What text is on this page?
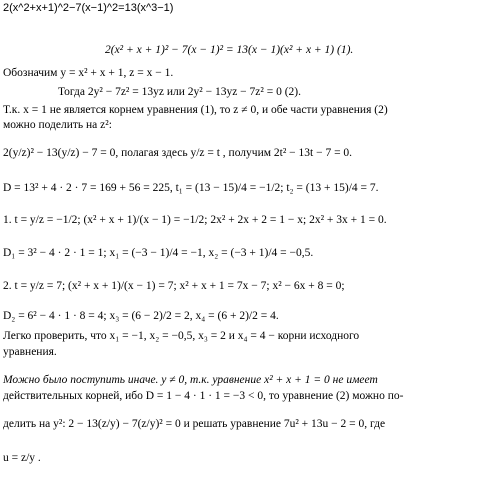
2(x^2+x+1)^2−7(x−1)^2=13(x^3−1)
2(x² + x + 1)² − 7(x − 1)² = 13(x − 1)(x² + x + 1) (1).
Обозначим y = x² + x + 1, z = x − 1.
Тогда 2y² − 7z² = 13yz или 2y² − 13yz − 7z² = 0 (2).
Т.к. x = 1 не является корнем уравнения (1), то z ≠ 0, и обе части уравнения (2)
можно поделить на z²:
2(y/z)² − 13(y/z) − 7 = 0, полагая здесь y/z = t , получим 2t² − 13t − 7 = 0.
D = 13² + 4 · 2 · 7 = 169 + 56 = 225, t₁ = (13 − 15)/4 = −1/2; t₂ = (13 + 15)/4 = 7.
1. t = y/z = −1/2; (x² + x + 1)/(x − 1) = −1/2; 2x² + 2x + 2 = 1 − x; 2x² + 3x + 1 = 0.
D₁ = 3² − 4 · 2 · 1 = 1; x₁ = (−3 − 1)/4 = −1, x₂ = (−3 + 1)/4 = −0,5.
2. t = y/z = 7; (x² + x + 1)/(x − 1) = 7; x² + x + 1 = 7x − 7; x² − 6x + 8 = 0;
D₂ = 6² − 4 · 1 · 8 = 4; x₃ = (6 − 2)/2 = 2, x₄ = (6 + 2)/2 = 4.
Легко проверить, что x₁ = −1, x₂ = −0,5, x₃ = 2 и x₄ = 4 − корни исходного
уравнения.
Можно было поступить иначе. y ≠ 0, т.к. уравнение x² + x + 1 = 0 не имеет
действительных корней, ибо D = 1 − 4 · 1 · 1 = −3 < 0, то уравнение (2) можно по-
делить на y²: 2 − 13(z/y) − 7(z/y)² = 0 и решать уравнение 7u² + 13u − 2 = 0, где
u = z/y .
